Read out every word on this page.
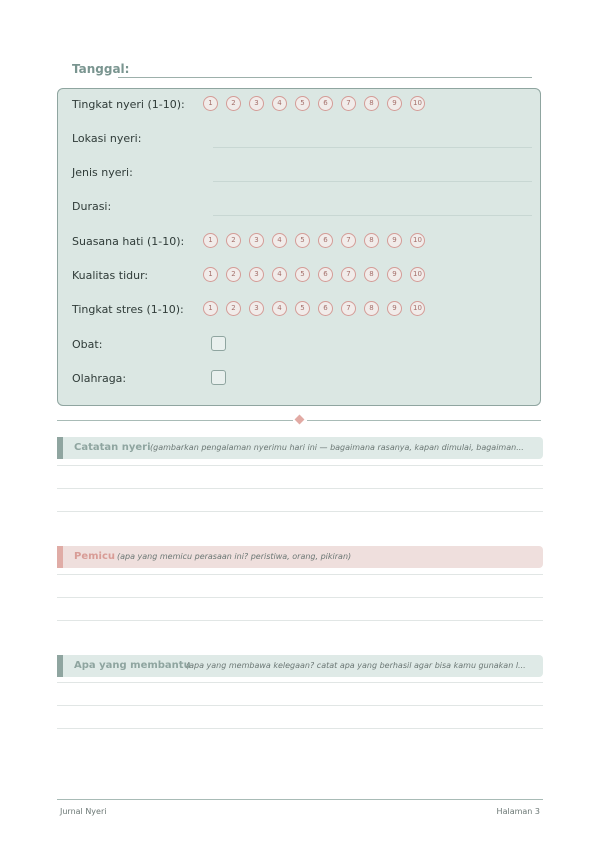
Tanggal:
Tingkat nyeri (1-10):	1	2	3	4	5	6	7	8	9	10
Lokasi nyeri:
Jenis nyeri:
Durasi:
Suasana hati (1-10):	1	2	3	4	5	6	7	8	9	10
Kualitas tidur:	1	2	3	4	5	6	7	8	9	10
Tingkat stres (1-10):	1	2	3	4	5	6	7	8	9	10
Obat:
Olahraga:
Catatan nyeri (gambarkan pengalaman nyerimu hari ini — bagaimana rasanya, kapan dimulai, bagaiman...
Pemicu (apa yang memicu perasaan ini? peristiwa, orang, pikiran)
Apa yang membantu
(apa yang membawa kelegaan? catat apa yang berhasil agar bisa kamu gunakan l...
Jurnal Nyeri	Halaman 3
